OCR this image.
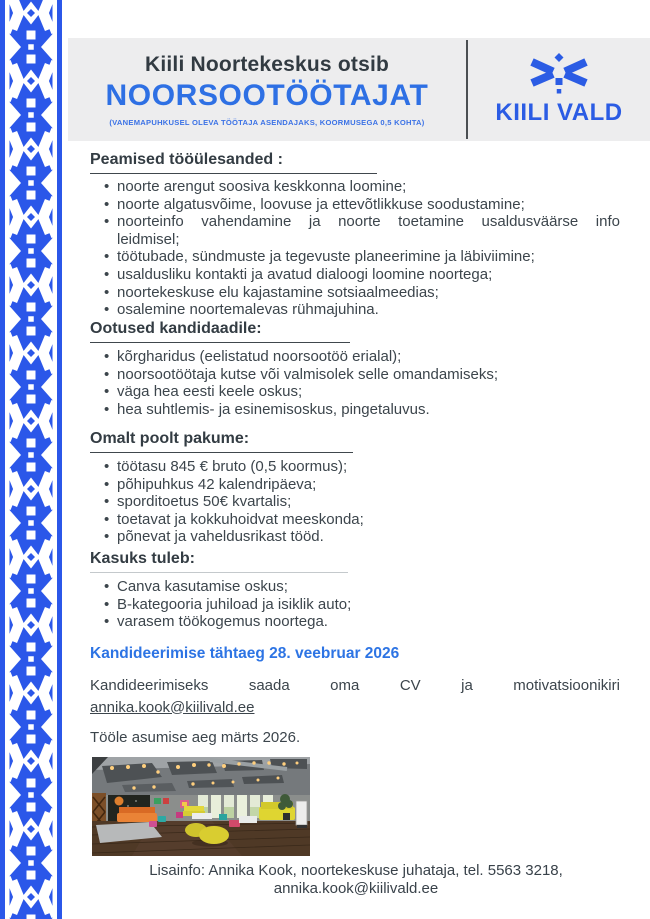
Kiili Noortekeskus otsib
NOORSOOTÖÖTAJAT
(VANEMAPUHKUSEL OLEVA TÖÖTAJA ASENDAJAKS, KOORMUSEGA 0,5 KOHTA)	KIILI VALD
Peamised tööülesanded :
• noorte arengut soosiva keskkonna loomine;
• noorte algatusvõime, loovuse ja ettevõtlikkuse soodustamine;
• noorteinfo vahendamine ja noorte toetamine usaldusväärse info
leidmisel;
• töötubade, sündmuste ja tegevuste planeerimine ja läbiviimine;
• usaldusliku kontakti ja avatud dialoogi loomine noortega;
• noortekeskuse elu kajastamine sotsiaalmeedias;
• osalemine noortemalevas rühmajuhina.
Ootused kandidaadile:
• kõrgharidus (eelistatud noorsootöö erialal);
• noorsootöötaja kutse või valmisolek selle omandamiseks;
• väga hea eesti keele oskus;
• hea suhtlemis- ja esinemisoskus, pingetaluvus.
Omalt poolt pakume:
• töötasu 845 € bruto (0,5 koormus);
• põhipuhkus 42 kalendripäeva;
• sporditoetus 50€ kvartalis;
• toetavat ja kokkuhoidvat meeskonda;
• põnevat ja vaheldusrikast tööd.
Kasuks tuleb:
• Canva kasutamise oskus;
• B-kategooria juhiload ja isiklik auto;
• varasem töökogemus noortega.
Kandideerimise tähtaeg 28. veebruar 2026
Kandideerimiseks	saada	oma	CV	ja	motivatsioonikiri
annika.kook@kiilivald.ee
Tööle asumise aeg märts 2026.
Lisainfo: Annika Kook, noortekeskuse juhataja, tel. 5563 3218,
annika.kook@kiilivald.ee
